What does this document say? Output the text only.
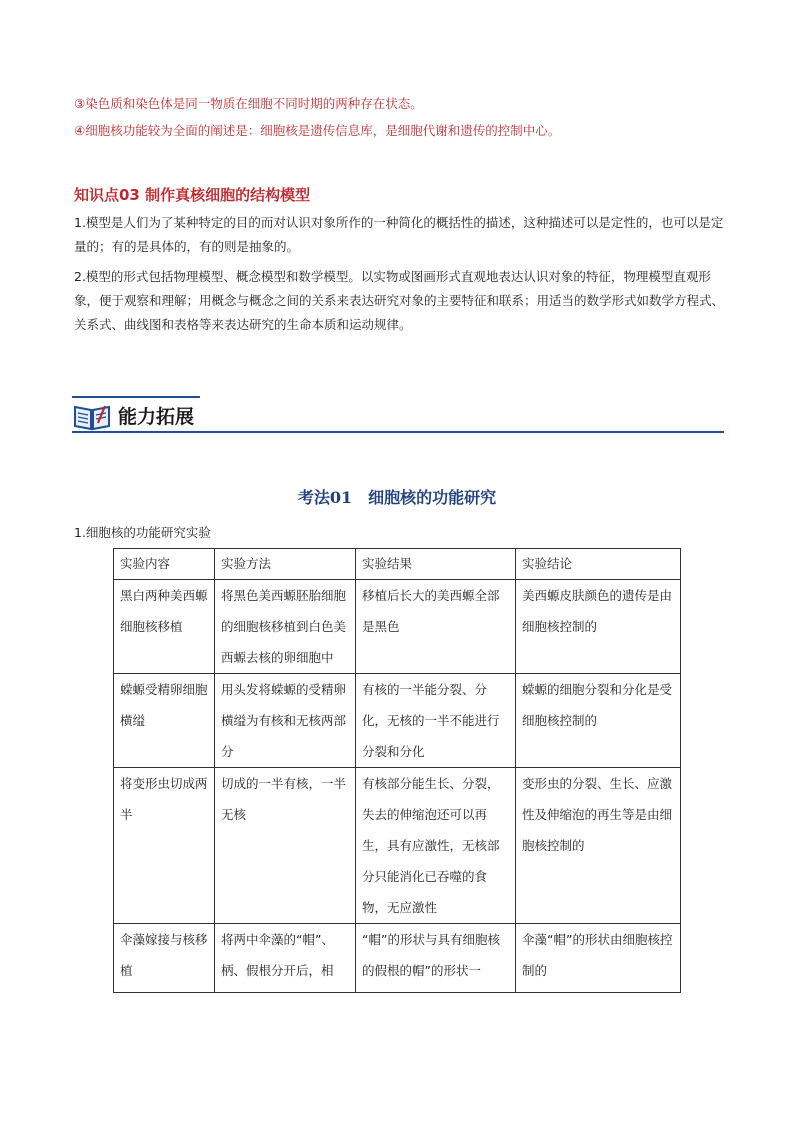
③染色质和染色体是同一物质在细胞不同时期的两种存在状态。

④细胞核功能较为全面的阐述是：细胞核是遗传信息库，是细胞代谢和遗传的控制中心。

知识点03 制作真核细胞的结构模型

1.模型是人们为了某种特定的目的而对认识对象所作的一种简化的概括性的描述，这种描述可以是定性的，也可以是定量的；有的是具体的，有的则是抽象的。

2.模型的形式包括物理模型、概念模型和数学模型。以实物或图画形式直观地表达认识对象的特征，物理模型直观形象，便于观察和理解；用概念与概念之间的关系来表达研究对象的主要特征和联系；用适当的数学形式如数学方程式、关系式、曲线图和表格等来表达研究的生命本质和运动规律。

能力拓展
考法01　细胞核的功能研究

1.细胞核的功能研究实验

实验内容	实验方法	实验结果	实验结论
黑白两种美西螈细胞核移植	将黑色美西螈胚胎细胞的细胞核移植到白色美西螈去核的卵细胞中	移植后长大的美西螈全部是黑色	美西螈皮肤颜色的遗传是由细胞核控制的
蝾螈受精卵细胞横缢	用头发将蝾螈的受精卵横缢为有核和无核两部分	有核的一半能分裂、分化，无核的一半不能进行分裂和分化	蝾螈的细胞分裂和分化是受细胞核控制的
将变形虫切成两半	切成的一半有核，一半无核	有核部分能生长、分裂，失去的伸缩泡还可以再生，具有应激性，无核部分只能消化已吞噬的食物，无应激性	变形虫的分裂、生长、应激性及伸缩泡的再生等是由细胞核控制的
伞藻嫁接与核移植	将两中伞藻的“帽”、柄、假根分开后，相	“帽”的形状与具有细胞核的假根的帽”的形状一	伞藻“帽”的形状由细胞核控制的
